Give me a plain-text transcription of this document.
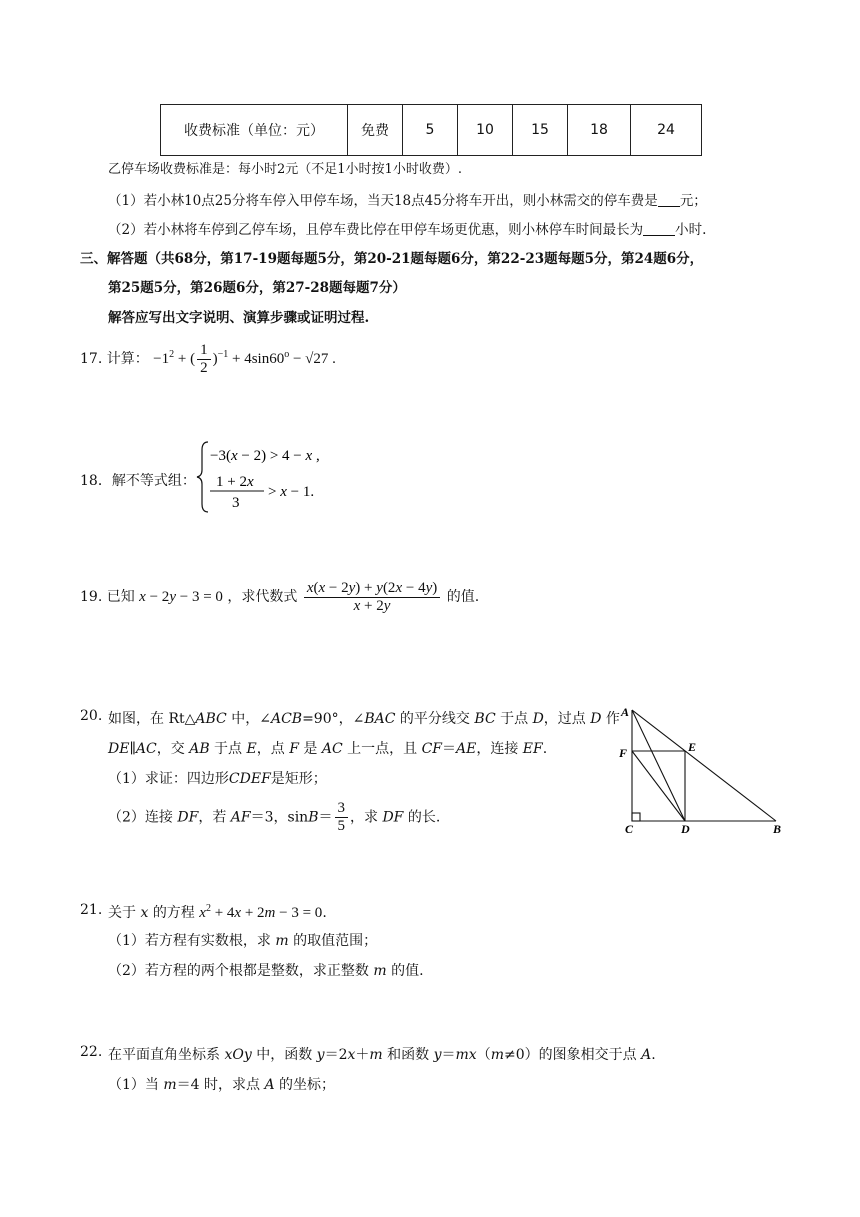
收费标准（单位：元）	免费	5	10	15	18	24
乙停车场收费标准是：每小时2元（不足1小时按1小时收费）.
（1）若小林10点25分将车停入甲停车场，当天18点45分将车开出，则小林需交的停车费是 元；
（2）若小林将车停到乙停车场，且停车费比停在甲停车场更优惠，则小林停车时间最长为 小时.
三、解答题（共68分，第17-19题每题5分，第20-21题每题6分，第22-23题每题5分，第24题6分，
第25题5分，第26题6分，第27-28题每题7分）
解答应写出文字说明、演算步骤或证明过程.
17. 计算： $-1^2$ + ( $\frac{1}{2} )^{-1} + 4\sin 60^o - √27$ .
18．解不等式组：
−3(x − 2) > 4 − x ,
1 + 2x
3
> x − 1.
19. 已知 x − 2y − 3 = 0 ，求代数式 $\frac{x(x - 2y) + y(2x - 4y)}{x + 2y}$ 的值.
20. 如图，在 Rt△ABC 中，∠ACB=90°，∠BAC 的平分线交 BC 于点 D，过点 D 作
DE∥AC，交 AB 于点 E，点 F 是 AC 上一点，且 CF＝AE，连接 EF.
（1）求证：四边形CDEF是矩形；
（2）连接 DF，若 AF＝3，$\sin B= \frac{3}{5}$ ，求 DF 的长.
A
F	E
C	D	B
21. 关于 x 的方程 $x^2 + 4x + 2m - 3 = 0$.
（1）若方程有实数根，求 m 的取值范围；
（2）若方程的两个根都是整数，求正整数 m 的值.
22. 在平面直角坐标系 xOy 中，函数 y＝2x＋m 和函数 y＝mx（m≠0）的图象相交于点 A.
（1）当 m＝4 时，求点 A 的坐标；
